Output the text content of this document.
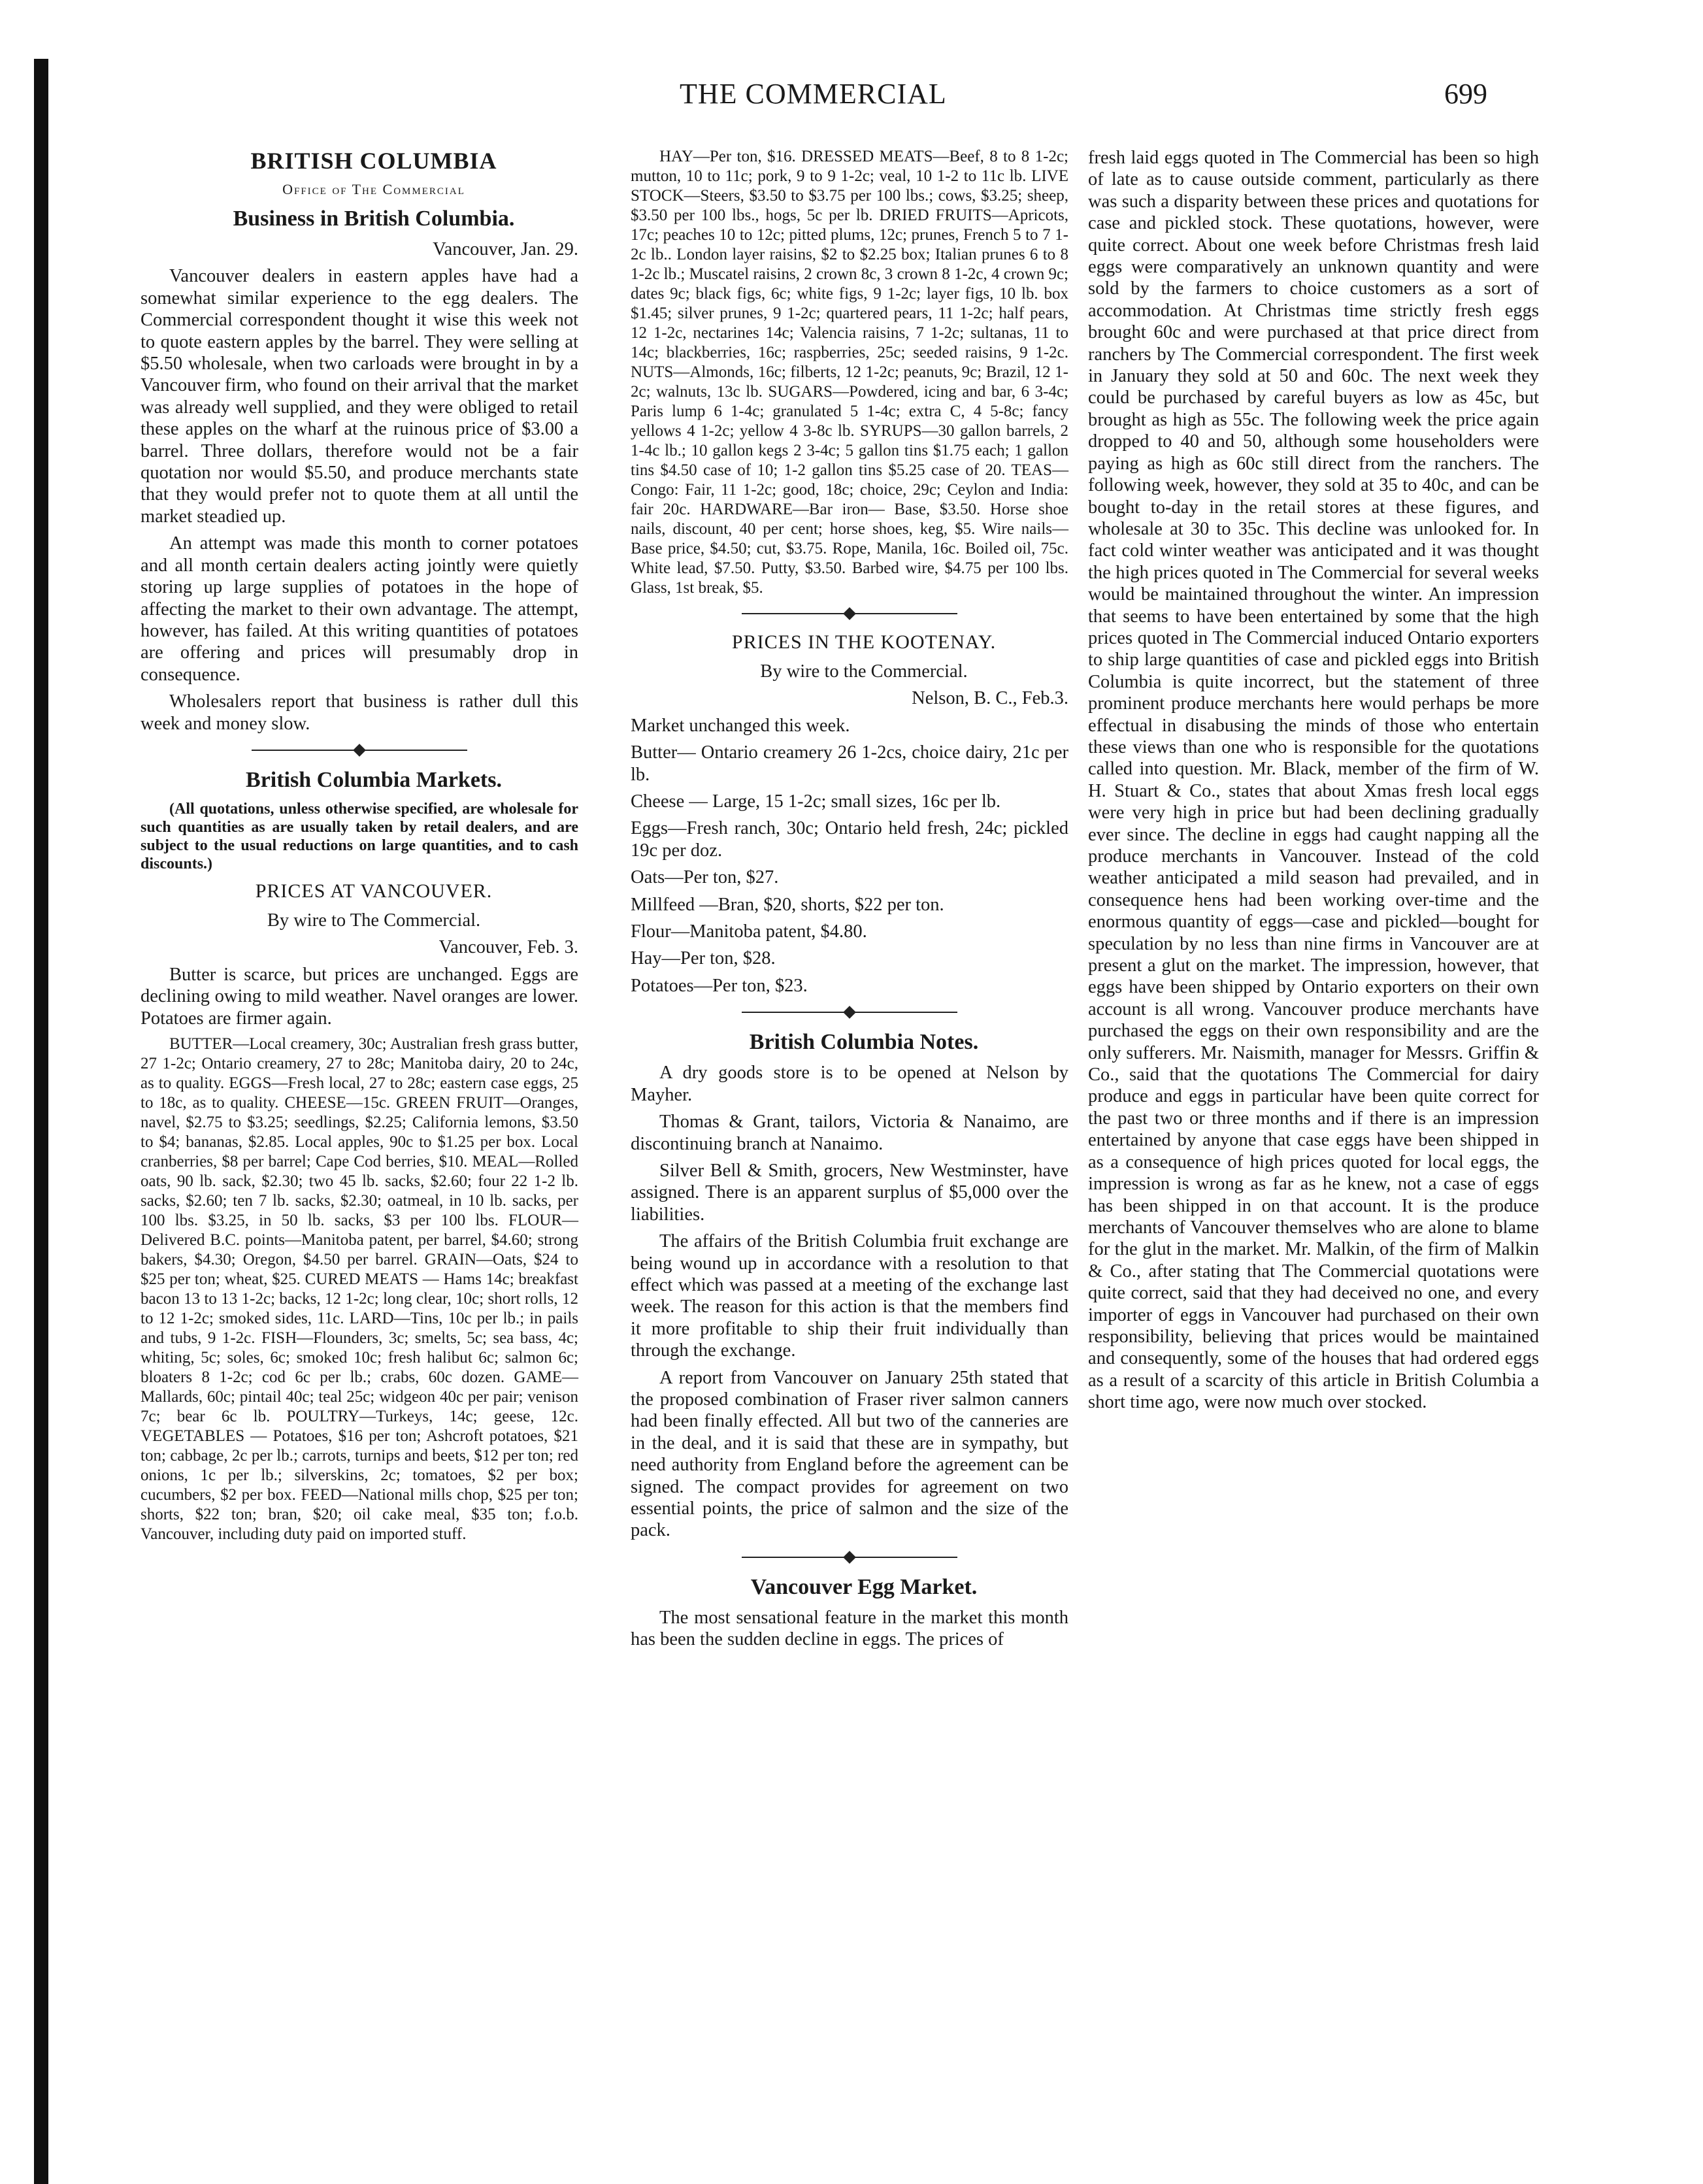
THE COMMERCIAL	699

BRITISH COLUMBIA

Office of The Commercial

Business in British Columbia.

Vancouver, Jan. 29.

Vancouver dealers in eastern apples have had a somewhat similar experience to the egg dealers. The Commercial correspondent thought it wise this week not to quote eastern apples by the barrel. They were selling at $5.50 wholesale, when two carloads were brought in by a Vancouver firm, who found on their arrival that the market was already well supplied, and they were obliged to retail these apples on the wharf at the ruinous price of $3.00 a barrel. Three dollars, therefore would not be a fair quotation nor would $5.50, and produce merchants state that they would prefer not to quote them at all until the market steadied up.

An attempt was made this month to corner potatoes and all month certain dealers acting jointly were quietly storing up large supplies of potatoes in the hope of affecting the market to their own advantage. The attempt, however, has failed. At this writing quantities of potatoes are offering and prices will presumably drop in consequence.

Wholesalers report that business is rather dull this week and money slow.

British Columbia Markets.

(All quotations, unless otherwise specified, are wholesale for such quantities as are usually taken by retail dealers, and are subject to the usual reductions on large quantities, and to cash discounts.)

PRICES AT VANCOUVER.

By wire to The Commercial.

Vancouver, Feb. 3.

Butter is scarce, but prices are unchanged. Eggs are declining owing to mild weather. Navel oranges are lower. Potatoes are firmer again.

BUTTER—Local creamery, 30c; Australian fresh grass butter, 27 1-2c; Ontario creamery, 27 to 28c; Manitoba dairy, 20 to 24c, as to quality. EGGS—Fresh local, 27 to 28c; eastern case eggs, 25 to 18c, as to quality. CHEESE—15c. GREEN FRUIT—Oranges, navel, $2.75 to $3.25; seedlings, $2.25; California lemons, $3.50 to $4; bananas, $2.85. Local apples, 90c to $1.25 per box. Local cranberries, $8 per barrel; Cape Cod berries, $10. MEAL—Rolled oats, 90 lb. sack, $2.30; two 45 lb. sacks, $2.60; four 22 1-2 lb. sacks, $2.60; ten 7 lb. sacks, $2.30; oatmeal, in 10 lb. sacks, per 100 lbs. $3.25, in 50 lb. sacks, $3 per 100 lbs. FLOUR—Delivered B.C. points—Manitoba patent, per barrel, $4.60; strong bakers, $4.30; Oregon, $4.50 per barrel. GRAIN—Oats, $24 to $25 per ton; wheat, $25. CURED MEATS — Hams 14c; breakfast bacon 13 to 13 1-2c; backs, 12 1-2c; long clear, 10c; short rolls, 12 to 12 1-2c; smoked sides, 11c. LARD—Tins, 10c per lb.; in pails and tubs, 9 1-2c. FISH—Flounders, 3c; smelts, 5c; sea bass, 4c; whiting, 5c; soles, 6c; smoked 10c; fresh halibut 6c; salmon 6c; bloaters 8 1-2c; cod 6c per lb.; crabs, 60c dozen. GAME—Mallards, 60c; pintail 40c; teal 25c; widgeon 40c per pair; venison 7c; bear 6c lb. POULTRY—Turkeys, 14c; geese, 12c. VEGETABLES — Potatoes, $16 per ton; Ashcroft potatoes, $21 ton; cabbage, 2c per lb.; carrots, turnips and beets, $12 per ton; red onions, 1c per lb.; silverskins, 2c; tomatoes, $2 per box; cucumbers, $2 per box. FEED—National mills chop, $25 per ton; shorts, $22 ton; bran, $20; oil cake meal, $35 ton; f.o.b. Vancouver, including duty paid on imported stuff.

HAY—Per ton, $16. DRESSED MEATS—Beef, 8 to 8 1-2c; mutton, 10 to 11c; pork, 9 to 9 1-2c; veal, 10 1-2 to 11c lb. LIVE STOCK—Steers, $3.50 to $3.75 per 100 lbs.; cows, $3.25; sheep, $3.50 per 100 lbs., hogs, 5c per lb. DRIED FRUITS—Apricots, 17c; peaches 10 to 12c; pitted plums, 12c; prunes, French 5 to 7 1-2c lb.. London layer raisins, $2 to $2.25 box; Italian prunes 6 to 8 1-2c lb.; Muscatel raisins, 2 crown 8c, 3 crown 8 1-2c, 4 crown 9c; dates 9c; black figs, 6c; white figs, 9 1-2c; layer figs, 10 lb. box $1.45; silver prunes, 9 1-2c; quartered pears, 11 1-2c; half pears, 12 1-2c, nectarines 14c; Valencia raisins, 7 1-2c; sultanas, 11 to 14c; blackberries, 16c; raspberries, 25c; seeded raisins, 9 1-2c. NUTS—Almonds, 16c; filberts, 12 1-2c; peanuts, 9c; Brazil, 12 1-2c; walnuts, 13c lb. SUGARS—Powdered, icing and bar, 6 3-4c; Paris lump 6 1-4c; granulated 5 1-4c; extra C, 4 5-8c; fancy yellows 4 1-2c; yellow 4 3-8c lb. SYRUPS—30 gallon barrels, 2 1-4c lb.; 10 gallon kegs 2 3-4c; 5 gallon tins $1.75 each; 1 gallon tins $4.50 case of 10; 1-2 gallon tins $5.25 case of 20. TEAS—Congo: Fair, 11 1-2c; good, 18c; choice, 29c; Ceylon and India: fair 20c. HARDWARE—Bar iron— Base, $3.50. Horse shoe nails, discount, 40 per cent; horse shoes, keg, $5. Wire nails—Base price, $4.50; cut, $3.75. Rope, Manila, 16c. Boiled oil, 75c. White lead, $7.50. Putty, $3.50. Barbed wire, $4.75 per 100 lbs. Glass, 1st break, $5.

PRICES IN THE KOOTENAY.

By wire to the Commercial.

Nelson, B. C., Feb.3.

Market unchanged this week.

Butter— Ontario creamery 26 1-2cs, choice dairy, 21c per lb.

Cheese — Large, 15 1-2c; small sizes, 16c per lb.

Eggs—Fresh ranch, 30c; Ontario held fresh, 24c; pickled 19c per doz.

Oats—Per ton, $27.

Millfeed —Bran, $20, shorts, $22 per ton.

Flour—Manitoba patent, $4.80.

Hay—Per ton, $28.

Potatoes—Per ton, $23.

British Columbia Notes.

A dry goods store is to be opened at Nelson by Mayher.

Thomas & Grant, tailors, Victoria & Nanaimo, are discontinuing branch at Nanaimo.

Silver Bell & Smith, grocers, New Westminster, have assigned. There is an apparent surplus of $5,000 over the liabilities.

The affairs of the British Columbia fruit exchange are being wound up in accordance with a resolution to that effect which was passed at a meeting of the exchange last week. The reason for this action is that the members find it more profitable to ship their fruit individually than through the exchange.

A report from Vancouver on January 25th stated that the proposed combination of Fraser river salmon canners had been finally effected. All but two of the canneries are in the deal, and it is said that these are in sympathy, but need authority from England before the agreement can be signed. The compact provides for agreement on two essential points, the price of salmon and the size of the pack.

Vancouver Egg Market.

The most sensational feature in the market this month has been the sudden decline in eggs. The prices of

fresh laid eggs quoted in The Commercial has been so high of late as to cause outside comment, particularly as there was such a disparity between these prices and quotations for case and pickled stock. These quotations, however, were quite correct. About one week before Christmas fresh laid eggs were comparatively an unknown quantity and were sold by the farmers to choice customers as a sort of accommodation. At Christmas time strictly fresh eggs brought 60c and were purchased at that price direct from ranchers by The Commercial correspondent. The first week in January they sold at 50 and 60c. The next week they could be purchased by careful buyers as low as 45c, but brought as high as 55c. The following week the price again dropped to 40 and 50, although some householders were paying as high as 60c still direct from the ranchers. The following week, however, they sold at 35 to 40c, and can be bought to-day in the retail stores at these figures, and wholesale at 30 to 35c. This decline was unlooked for. In fact cold winter weather was anticipated and it was thought the high prices quoted in The Commercial for several weeks would be maintained throughout the winter. An impression that seems to have been entertained by some that the high prices quoted in The Commercial induced Ontario exporters to ship large quantities of case and pickled eggs into British Columbia is quite incorrect, but the statement of three prominent produce merchants here would perhaps be more effectual in disabusing the minds of those who entertain these views than one who is responsible for the quotations called into question. Mr. Black, member of the firm of W. H. Stuart & Co., states that about Xmas fresh local eggs were very high in price but had been declining gradually ever since. The decline in eggs had caught napping all the produce merchants in Vancouver. Instead of the cold weather anticipated a mild season had prevailed, and in consequence hens had been working over-time and the enormous quantity of eggs—case and pickled—bought for speculation by no less than nine firms in Vancouver are at present a glut on the market. The impression, however, that eggs have been shipped by Ontario exporters on their own account is all wrong. Vancouver produce merchants have purchased the eggs on their own responsibility and are the only sufferers. Mr. Naismith, manager for Messrs. Griffin & Co., said that the quotations The Commercial for dairy produce and eggs in particular have been quite correct for the past two or three months and if there is an impression entertained by anyone that case eggs have been shipped in as a consequence of high prices quoted for local eggs, the impression is wrong as far as he knew, not a case of eggs has been shipped in on that account. It is the produce merchants of Vancouver themselves who are alone to blame for the glut in the market. Mr. Malkin, of the firm of Malkin & Co., after stating that The Commercial quotations were quite correct, said that they had deceived no one, and every importer of eggs in Vancouver had purchased on their own responsibility, believing that prices would be maintained and consequently, some of the houses that had ordered eggs as a result of a scarcity of this article in British Columbia a short time ago, were now much over stocked.
